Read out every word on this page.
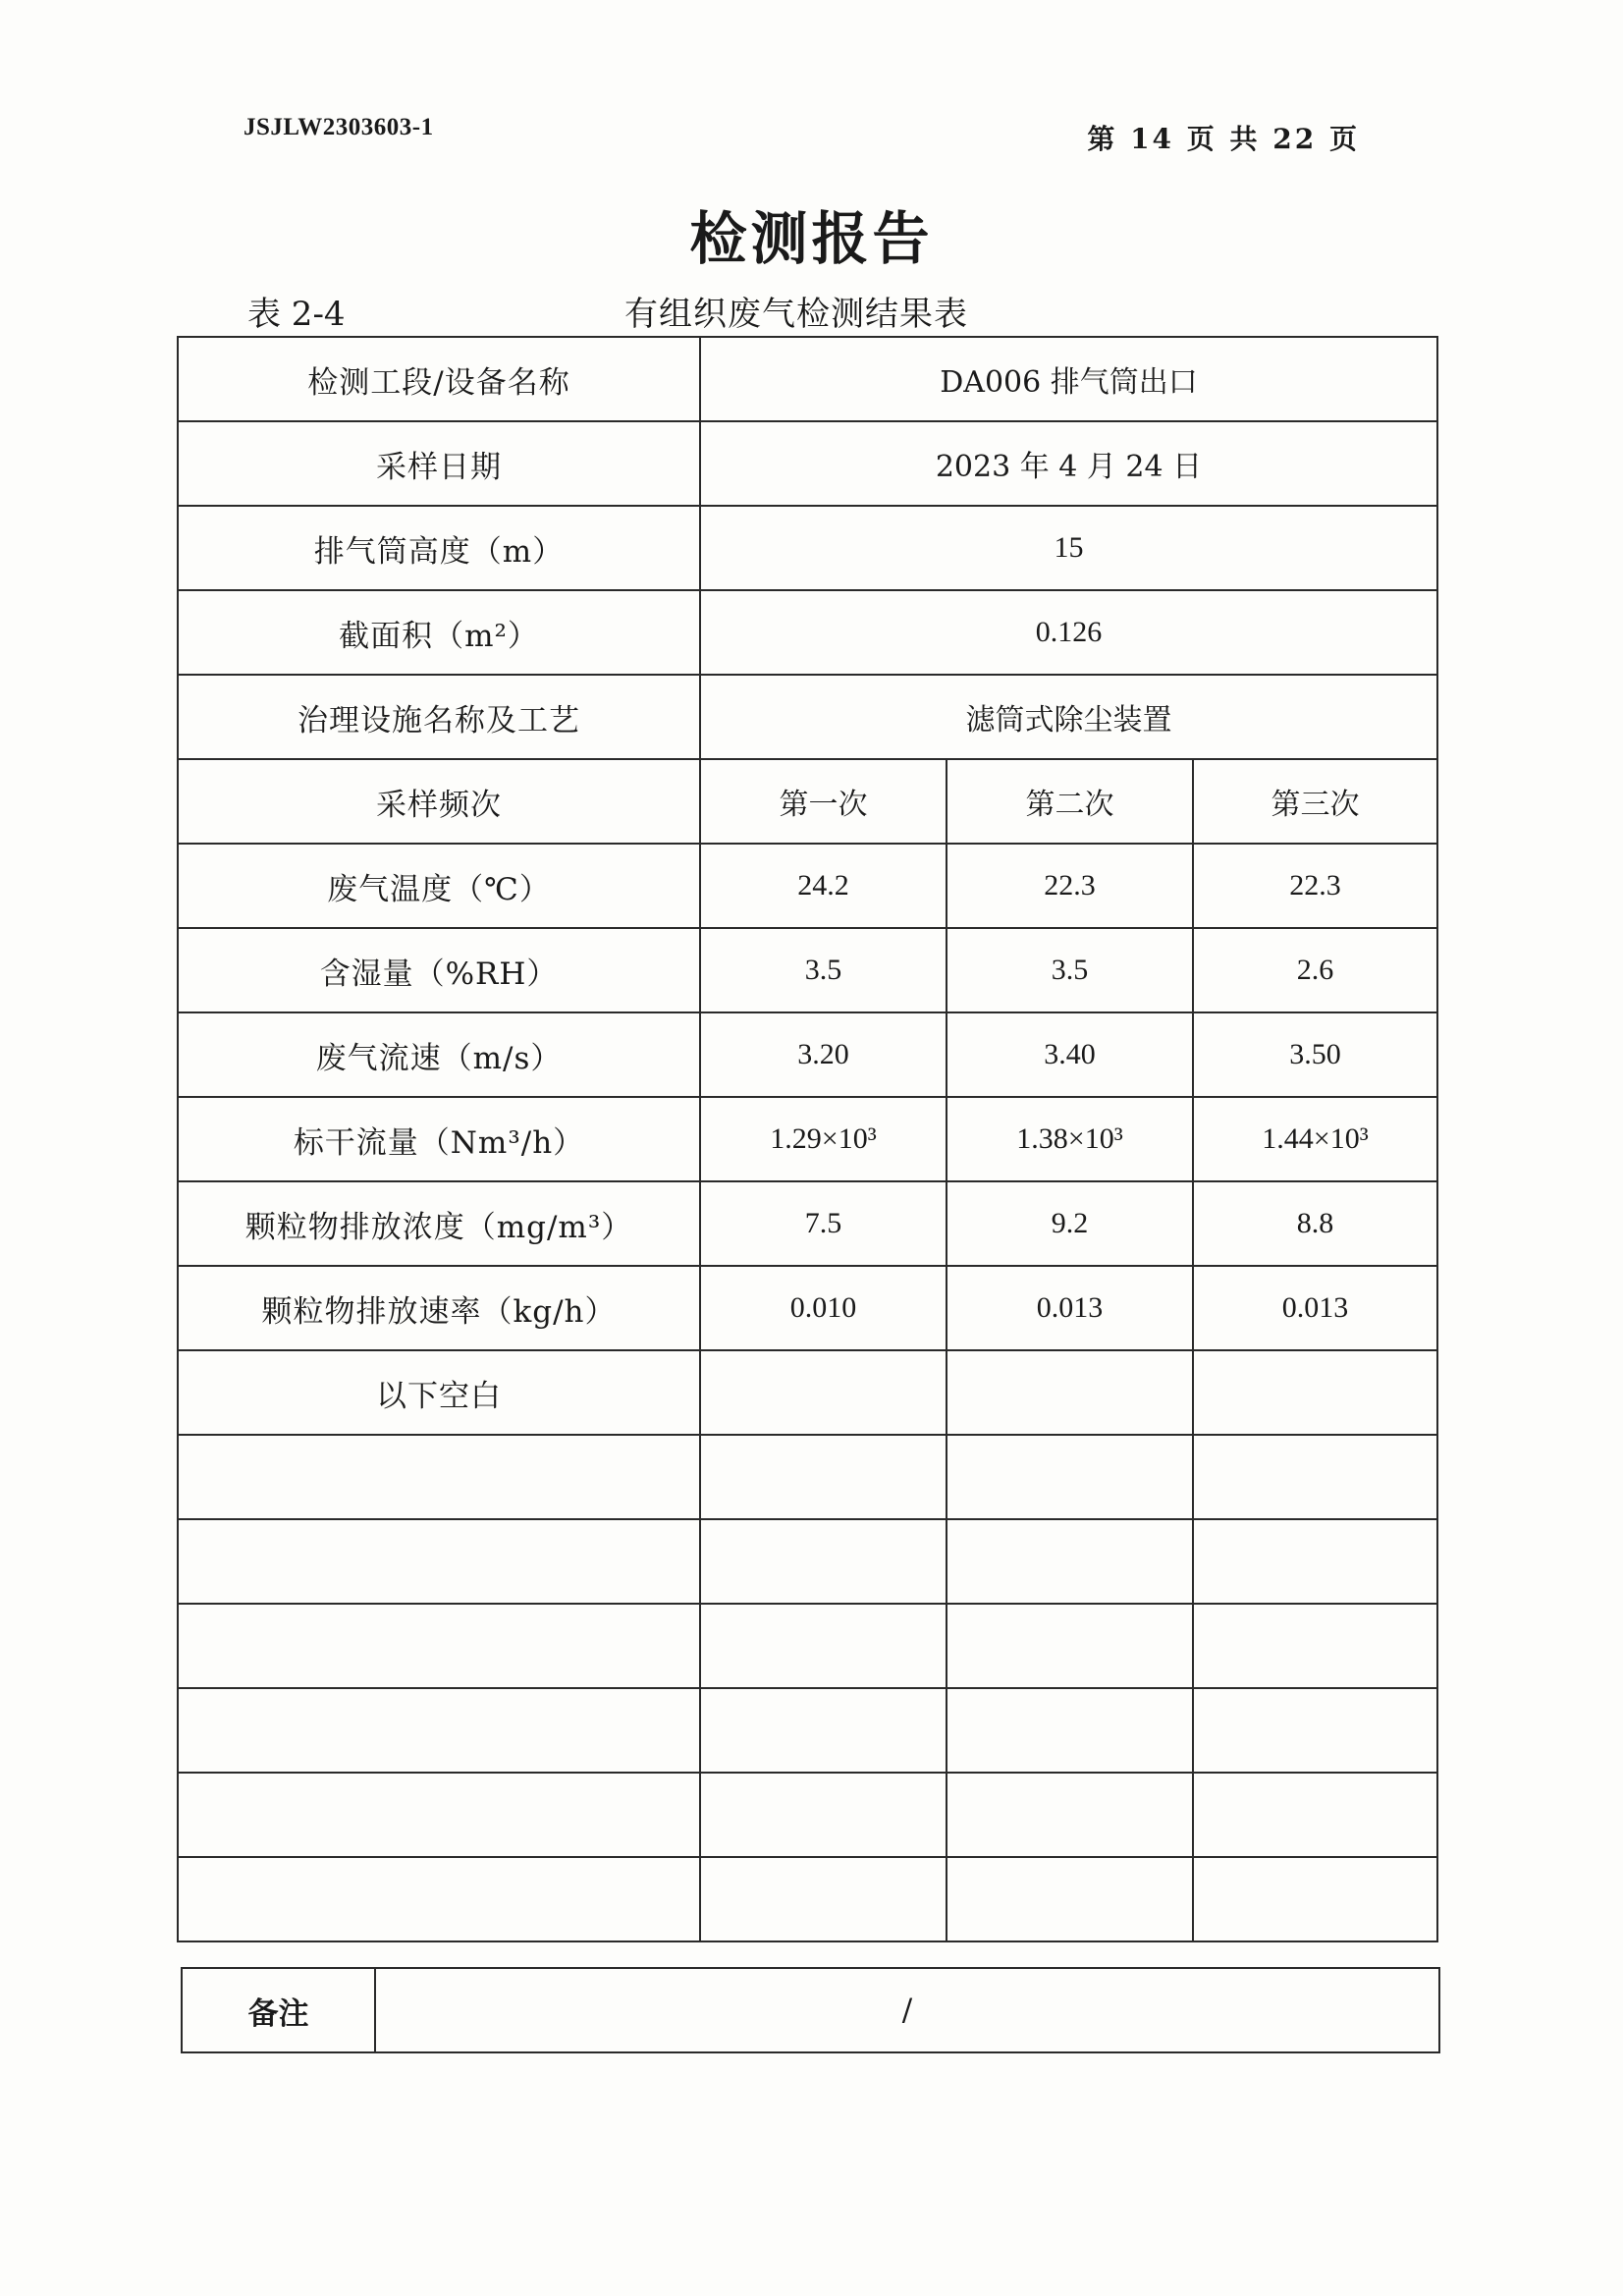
JSJLW2303603-1	第 14 页 共 22 页
检测报告
表 2-4	有组织废气检测结果表
检测工段/设备名称	DA006 排气筒出口		
采样日期	2023 年 4 月 24 日		
排气筒高度（m）	15		
截面积（m²）	0.126		
治理设施名称及工艺	滤筒式除尘装置		
采样频次	第一次	第二次	第三次
废气温度（℃）	24.2	22.3	22.3
含湿量（%RH）	3.5	3.5	2.6
废气流速（m/s）	3.20	3.40	3.50
标干流量（Nm³/h）	1.29×10³	1.38×10³	1.44×10³
颗粒物排放浓度（mg/m³）	7.5	9.2	8.8
颗粒物排放速率（kg/h）	0.010	0.013	0.013
以下空白			

备注	/
